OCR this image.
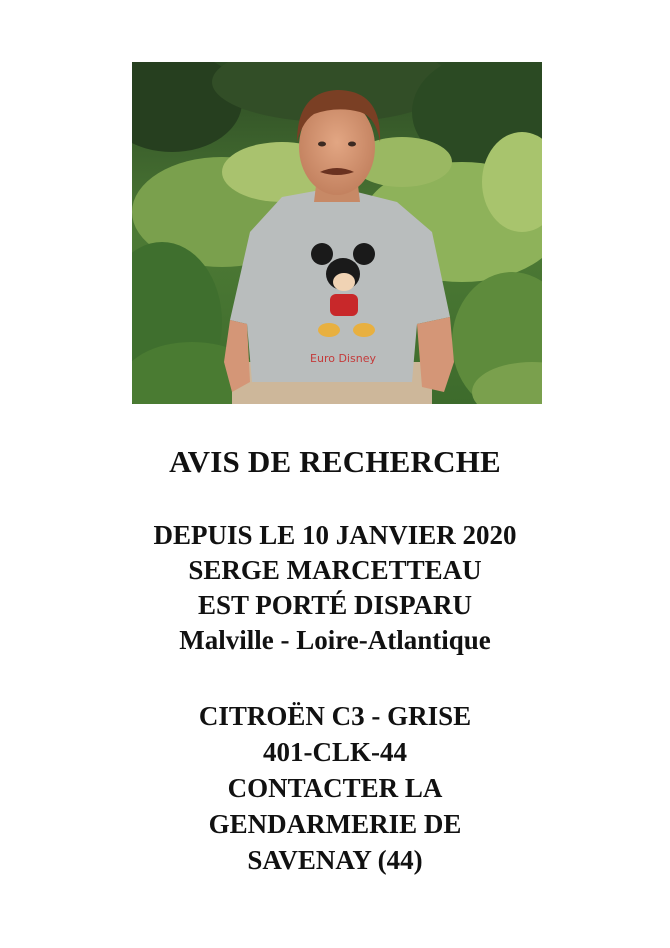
Euro Disney
AVIS DE RECHERCHE
DEPUIS LE 10 JANVIER 2020
SERGE MARCETTEAU
EST PORTÉ DISPARU
Malville - Loire-Atlantique
CITROËN C3 - GRISE
401-CLK-44
CONTACTER LA
GENDARMERIE DE
SAVENAY (44)
